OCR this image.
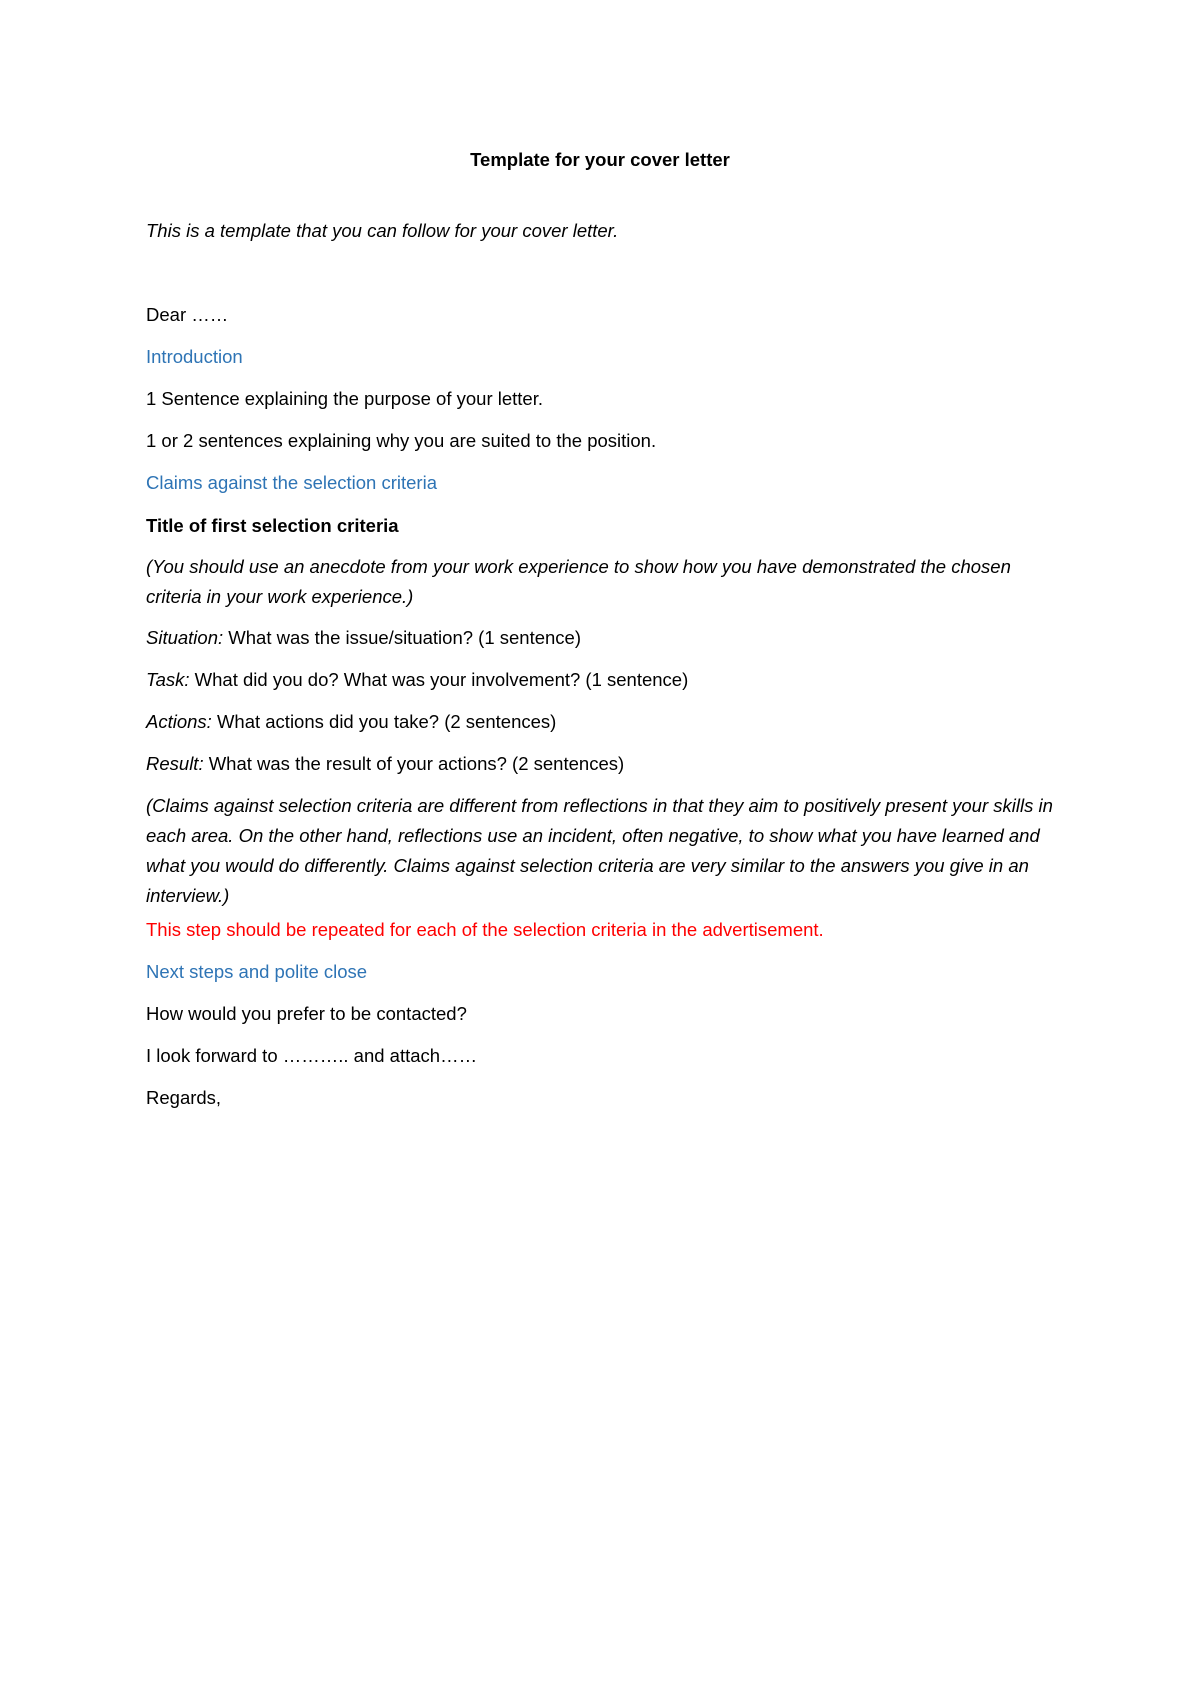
Template for your cover letter
This is a template that you can follow for your cover letter.
Dear ……
Introduction
1 Sentence explaining the purpose of your letter.
1 or 2 sentences explaining why you are suited to the position.
Claims against the selection criteria
Title of first selection criteria
(You should use an anecdote from your work experience to show how you have demonstrated the chosen criteria in your work experience.)
Situation: What was the issue/situation? (1 sentence)
Task: What did you do? What was your involvement? (1 sentence)
Actions: What actions did you take? (2 sentences)
Result: What was the result of your actions? (2 sentences)
(Claims against selection criteria are different from reflections in that they aim to positively present your skills in each area. On the other hand, reflections use an incident, often negative, to show what you have learned and what you would do differently. Claims against selection criteria are very similar to the answers you give in an interview.)
This step should be repeated for each of the selection criteria in the advertisement.
Next steps and polite close
How would you prefer to be contacted?
I look forward to ……….. and attach……
Regards,
